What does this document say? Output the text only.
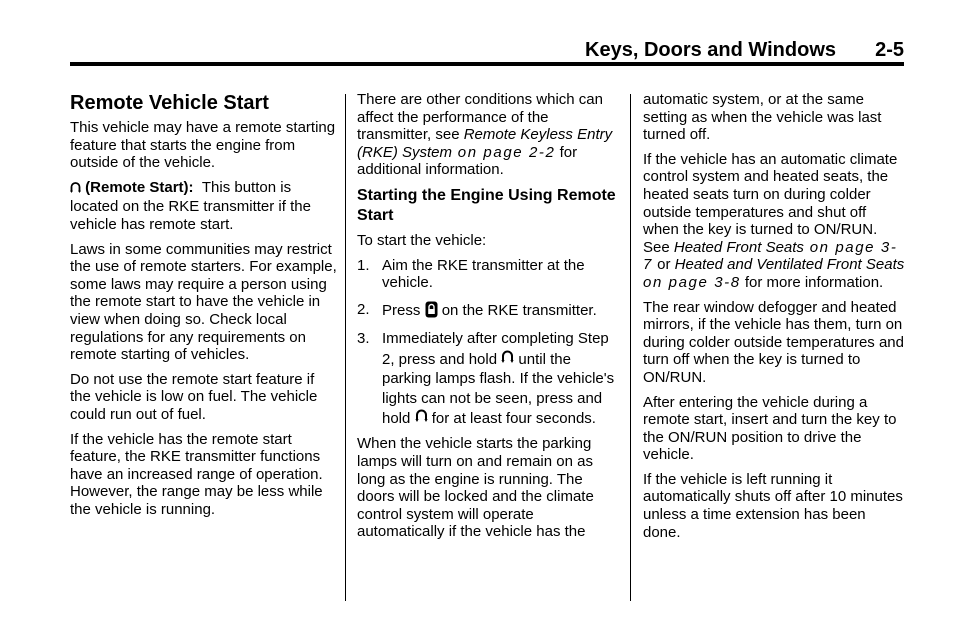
Keys, Doors and Windows 2-5
Remote Vehicle Start

This vehicle may have a remote starting feature that starts the engine from outside of the vehicle.

(Remote Start): This button is located on the RKE transmitter if the vehicle has remote start.

Laws in some communities may restrict the use of remote starters. For example, some laws may require a person using the remote start to have the vehicle in view when doing so. Check local regulations for any requirements on remote starting of vehicles.

Do not use the remote start feature if the vehicle is low on fuel. The vehicle could run out of fuel.

If the vehicle has the remote start feature, the RKE transmitter functions have an increased range of operation. However, the range may be less while the vehicle is running.

There are other conditions which can affect the performance of the transmitter, see Remote Keyless Entry (RKE) System on page 2-2 for additional information.

Starting the Engine Using Remote Start

To start the vehicle:

1. Aim the RKE transmitter at the vehicle.
2. Press on the RKE transmitter.
3. Immediately after completing Step 2, press and hold until the parking lamps flash. If the vehicle's lights can not be seen, press and hold for at least four seconds.

When the vehicle starts the parking lamps will turn on and remain on as long as the engine is running. The doors will be locked and the climate control system will operate automatically if the vehicle has the

automatic system, or at the same setting as when the vehicle was last turned off.

If the vehicle has an automatic climate control system and heated seats, the heated seats turn on during colder outside temperatures and shut off when the key is turned to ON/RUN. See Heated Front Seats on page 3-7 or Heated and Ventilated Front Seats on page 3-8 for more information.

The rear window defogger and heated mirrors, if the vehicle has them, turn on during colder outside temperatures and turn off when the key is turned to ON/RUN.

After entering the vehicle during a remote start, insert and turn the key to the ON/RUN position to drive the vehicle.

If the vehicle is left running it automatically shuts off after 10 minutes unless a time extension has been done.
